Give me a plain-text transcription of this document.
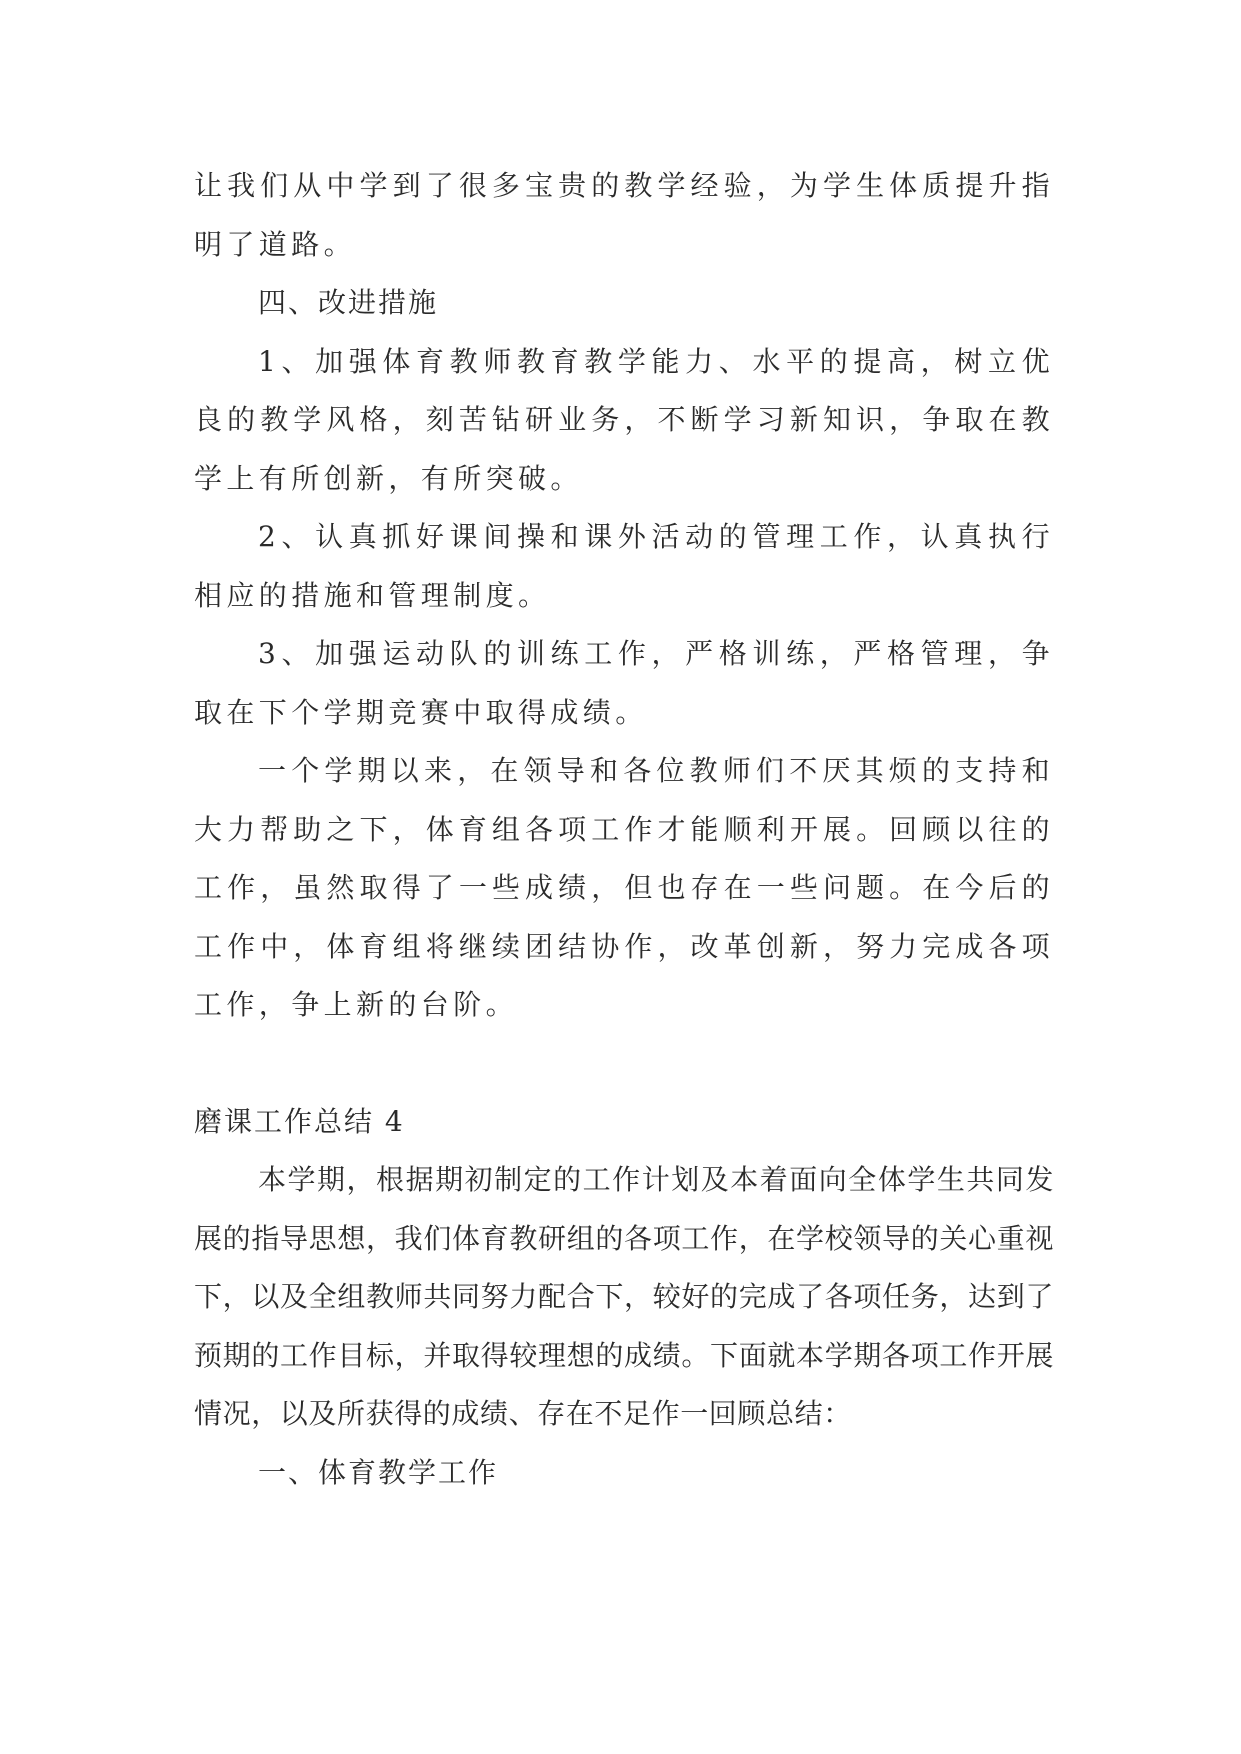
让我们从中学到了很多宝贵的教学经验，为学生体质提升指明了道路。

四、改进措施

1、加强体育教师教育教学能力、水平的提高，树立优良的教学风格，刻苦钻研业务，不断学习新知识，争取在教学上有所创新，有所突破。

2、认真抓好课间操和课外活动的管理工作，认真执行相应的措施和管理制度。

3、加强运动队的训练工作，严格训练，严格管理，争取在下个学期竞赛中取得成绩。

一个学期以来，在领导和各位教师们不厌其烦的支持和大力帮助之下，体育组各项工作才能顺利开展。回顾以往的工作，虽然取得了一些成绩，但也存在一些问题。在今后的工作中，体育组将继续团结协作，改革创新，努力完成各项工作，争上新的台阶。

磨课工作总结 4

本学期，根据期初制定的工作计划及本着面向全体学生共同发展的指导思想，我们体育教研组的各项工作，在学校领导的关心重视下，以及全组教师共同努力配合下，较好的完成了各项任务，达到了预期的工作目标，并取得较理想的成绩。下面就本学期各项工作开展情况，以及所获得的成绩、存在不足作一回顾总结：

一、体育教学工作
